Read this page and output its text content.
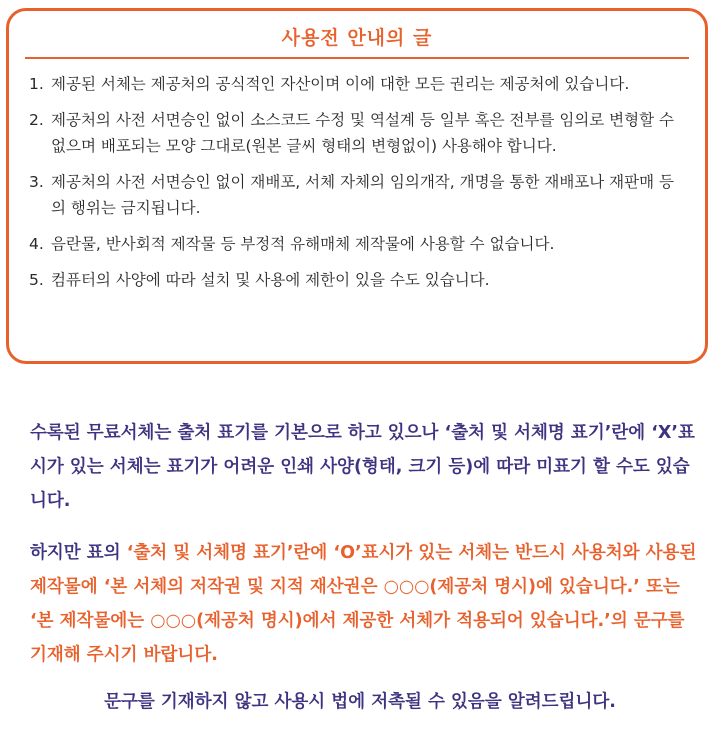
사용전 안내의 글
1. 제공된 서체는 제공처의 공식적인 자산이며 이에 대한 모든 권리는 제공처에 있습니다.
2. 제공처의 사전 서면승인 없이 소스코드 수정 및 역설계 등 일부 혹은 전부를 임의로 변형할 수 없으며 배포되는 모양 그대로(원본 글씨 형태의 변형없이) 사용해야 합니다.
3. 제공처의 사전 서면승인 없이 재배포, 서체 자체의 임의개작, 개명을 통한 재배포나 재판매 등의 행위는 금지됩니다.
4. 음란물, 반사회적 제작물 등 부정적 유해매체 제작물에 사용할 수 없습니다.
5. 컴퓨터의 사양에 따라 설치 및 사용에 제한이 있을 수도 있습니다.

수록된 무료서체는 출처 표기를 기본으로 하고 있으나 ‘출처 및 서체명 표기’란에 ‘X’표시가 있는 서체는 표기가 어려운 인쇄 사양(형태, 크기 등)에 따라 미표기 할 수도 있습니다.

하지만 표의 ‘출처 및 서체명 표기’란에 ‘O’표시가 있는 서체는 반드시 사용처와 사용된 제작물에 ‘본 서체의 저작권 및 지적 재산권은 ○○○(제공처 명시)에 있습니다.’ 또는 ‘본 제작물에는 ○○○(제공처 명시)에서 제공한 서체가 적용되어 있습니다.’의 문구를 기재해 주시기 바랍니다.

문구를 기재하지 않고 사용시 법에 저촉될 수 있음을 알려드립니다.
